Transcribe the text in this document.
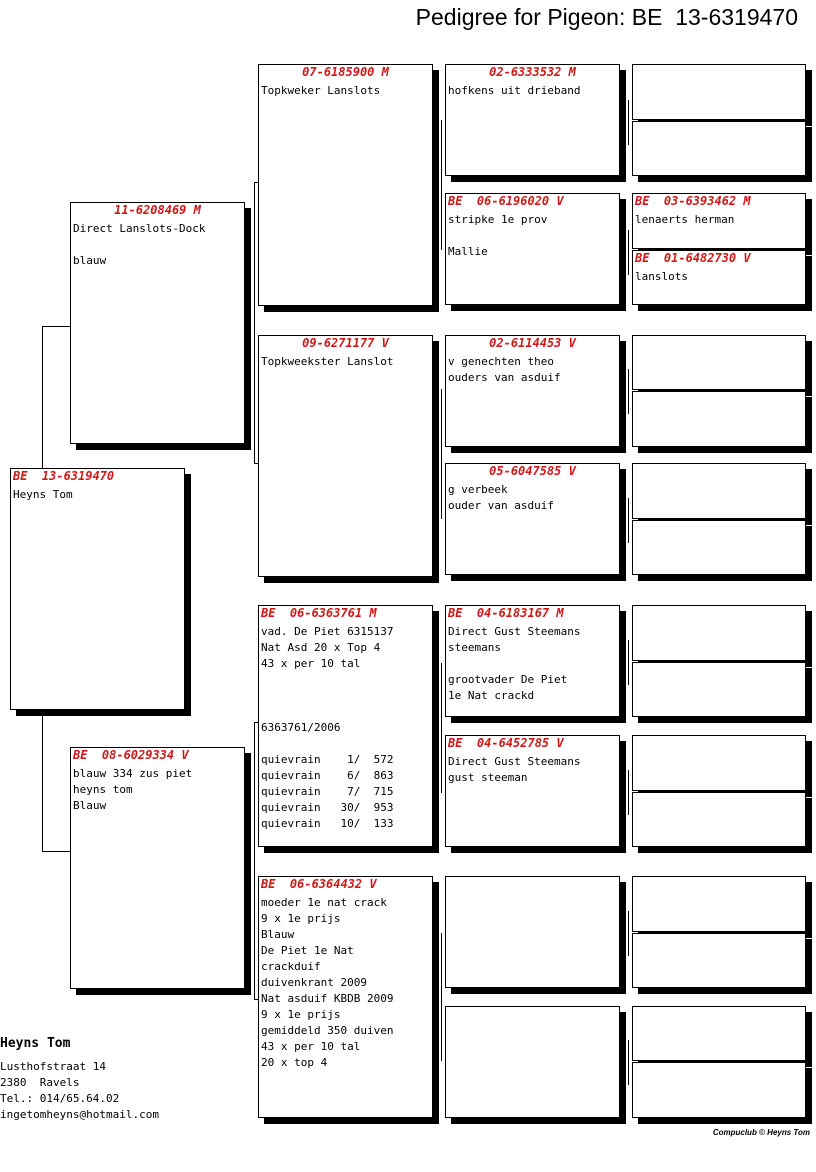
Pedigree for Pigeon: BE  13-6319470
BE  13-6319470
Heyns Tom
11-6208469 M
Direct Lanslots-Dock
blauw
BE  08-6029334 V
blauw 334 zus piet
heyns tom
Blauw
07-6185900 M
Topkweker Lanslots
09-6271177 V
Topkweekster Lanslot
BE  06-6363761 M
vad. De Piet 6315137
Nat Asd 20 x Top 4
43 x per 10 tal
6363761/2006
quievrain    1/  572
quievrain    6/  863
quievrain    7/  715
quievrain   30/  953
quievrain   10/  133
BE  06-6364432 V
moeder 1e nat crack
9 x 1e prijs
Blauw
De Piet 1e Nat
crackduif
duivenkrant 2009
Nat asduif KBDB 2009
9 x 1e prijs
gemiddeld 350 duiven
43 x per 10 tal
20 x top 4
02-6333532 M
hofkens uit drieband
BE  06-6196020 V
stripke 1e prov
Mallie
02-6114453 V
v genechten theo
ouders van asduif
05-6047585 V
g verbeek
ouder van asduif
BE  04-6183167 M
Direct Gust Steemans
steemans
grootvader De Piet
1e Nat crackd
BE  04-6452785 V
Direct Gust Steemans
gust steeman
BE  03-6393462 M
lenaerts herman
BE  01-6482730 V
lanslots
Heyns Tom
Lusthofstraat 14
2380  Ravels
Tel.: 014/65.64.02
ingetomheyns@hotmail.com
Compuclub © Heyns Tom
